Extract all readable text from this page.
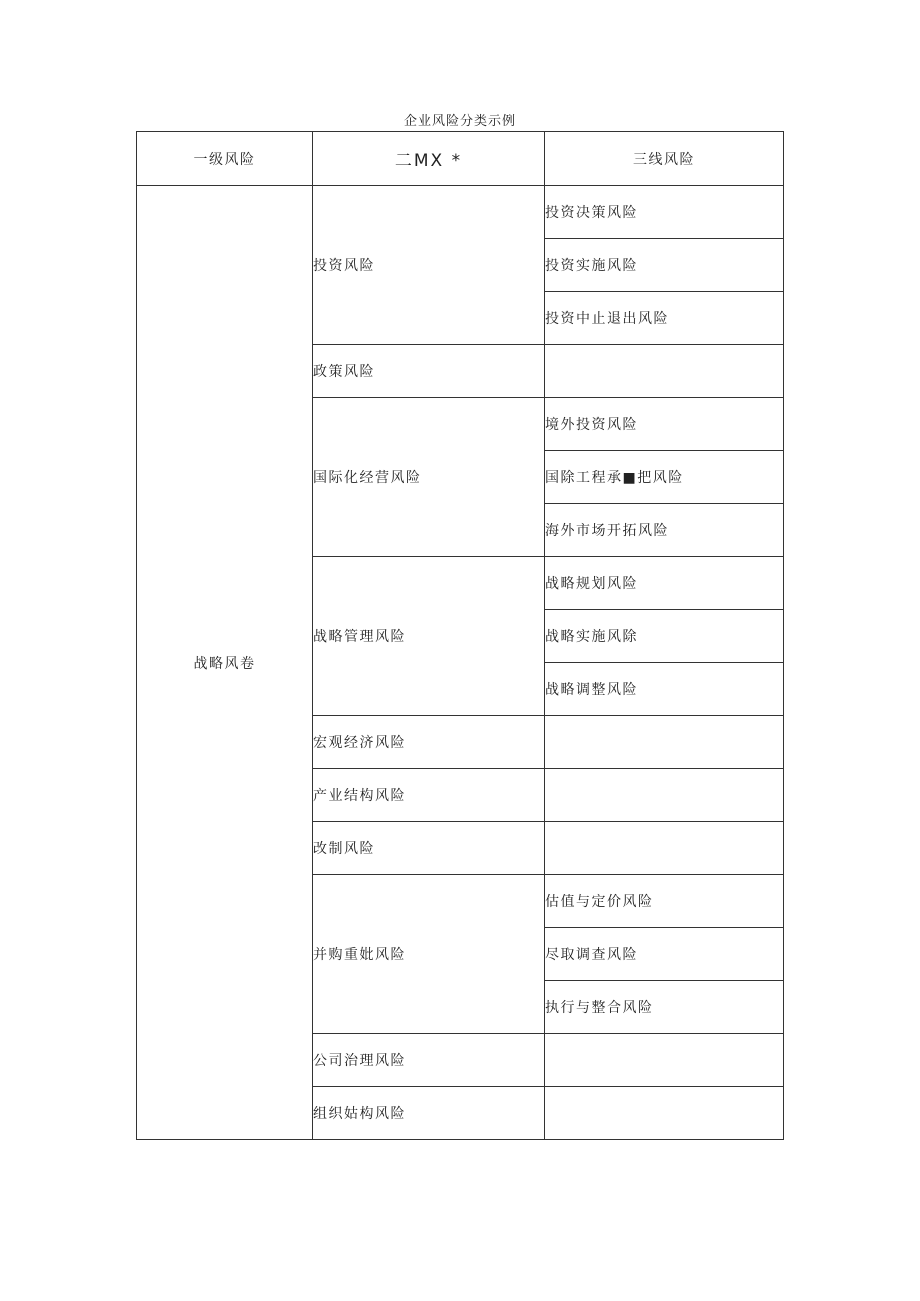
企业风险分类示例
一级风险	二MX *	三线风险
战略风卷	投资风险	投资决策风险
		投资实施风险
		投资中止退出风险
	政策风险	
	国际化经营风险	境外投资风险
		国除工程承■把风险
		海外市场开拓风险
	战略管理风险	战略规划风险
		战略实施风除
		战略调整风险
	宏观经济风险	
	产业结构风险	
	改制风险	
	并购重妣风险	估值与定价风险
		尽取调查风险
		执行与整合风险
	公司治理风险	
	组织姑构风险	
